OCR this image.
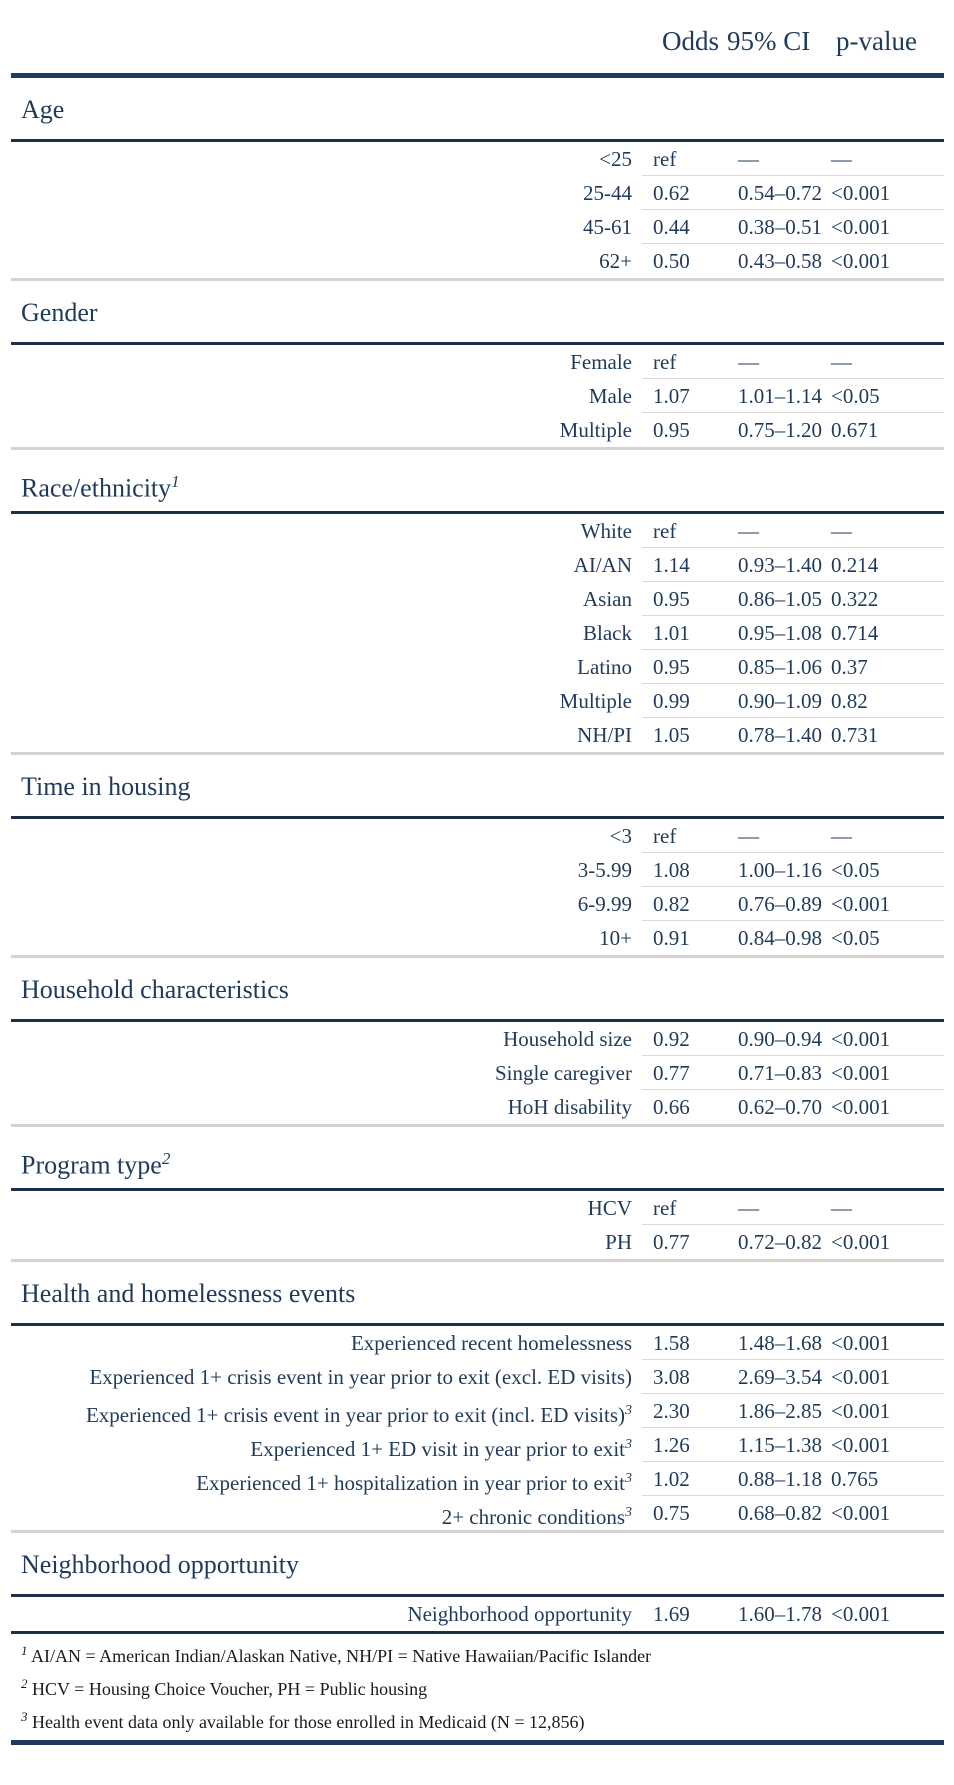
Odds 95% CI p-value
Age
<25	ref	—	—
25-44	0.62	0.54–0.72 <0.001
45-61	0.44	0.38–0.51 <0.001
62+	0.50	0.43–0.58 <0.001
Gender
Female	ref	—	—
Male	1.07	1.01–1.14 <0.05
Multiple	0.95	0.75–1.20 0.671
Race/ethnicity$^1$
White	ref	—	—
AI/AN	1.14	0.93–1.40 0.214
Asian	0.95	0.86–1.05 0.322
Black	1.01	0.95–1.08 0.714
Latino	0.95	0.85–1.06 0.37
Multiple	0.99	0.90–1.09 0.82
NH/PI	1.05	0.78–1.40 0.731
Time in housing
<3	ref	—	—
3-5.99	1.08	1.00–1.16 <0.05
6-9.99	0.82	0.76–0.89 <0.001
10+	0.91	0.84–0.98 <0.05
Household characteristics
Household size	0.92	0.90–0.94 <0.001
Single caregiver	0.77	0.71–0.83 <0.001
HoH disability	0.66	0.62–0.70 <0.001
Program type$^2$
HCV	ref	—	—
PH	0.77	0.72–0.82 <0.001
Health and homelessness events
Experienced recent homelessness	1.58	1.48–1.68 <0.001
Experienced 1+ crisis event in year prior to exit (excl. ED visits)	3.08	2.69–3.54 <0.001
Experienced 1+ crisis event in year prior to exit (incl. ED visits)$^3$	2.30	1.86–2.85 <0.001
Experienced 1+ ED visit in year prior to exit$^3$	1.26	1.15–1.38 <0.001
Experienced 1+ hospitalization in year prior to exit$^3$	1.02	0.88–1.18 0.765
2+ chronic conditions$^3$	0.75	0.68–0.82 <0.001
Neighborhood opportunity
Neighborhood opportunity	1.69	1.60–1.78 <0.001
$^1$ AI/AN = American Indian/Alaskan Native, NH/PI = Native Hawaiian/Pacific Islander
$^2$ HCV = Housing Choice Voucher, PH = Public housing
$^3$ Health event data only available for those enrolled in Medicaid (N = 12,856)
